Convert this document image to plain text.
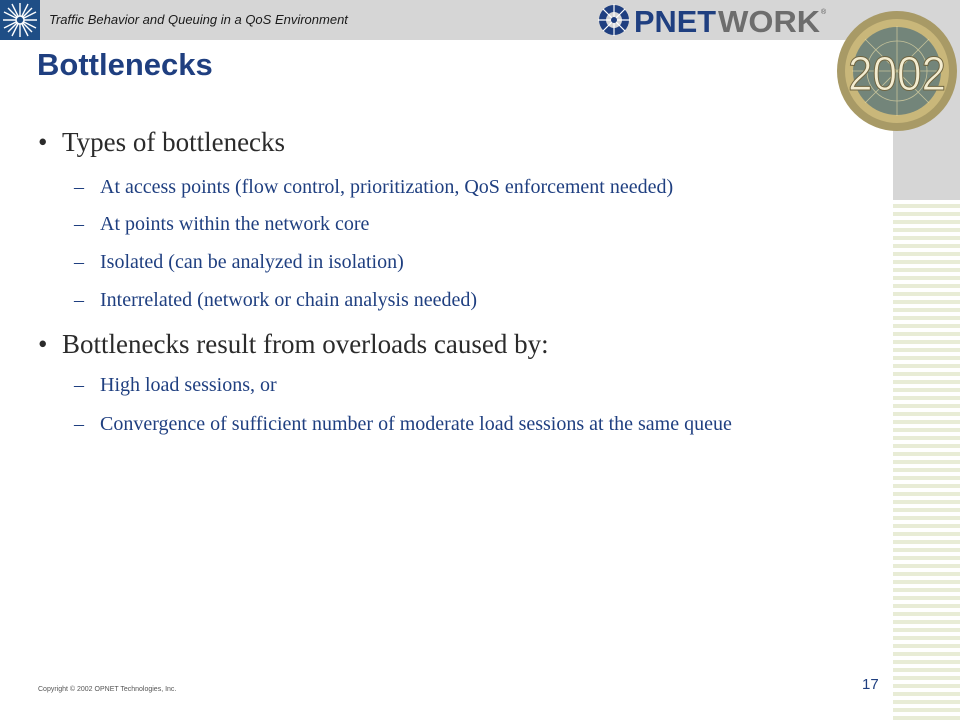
Traffic Behavior and Queuing in a QoS Environment	PNET WORK ®
2002
Bottlenecks
• Types of bottlenecks
– At access points (flow control, prioritization, QoS enforcement needed)
– At points within the network core
– Isolated (can be analyzed in isolation)
– Interrelated (network or chain analysis needed)
• Bottlenecks result from overloads caused by:
– High load sessions, or
– Convergence of sufficient number of moderate load sessions at the same queue
Copyright © 2002 OPNET Technologies, Inc.	17
